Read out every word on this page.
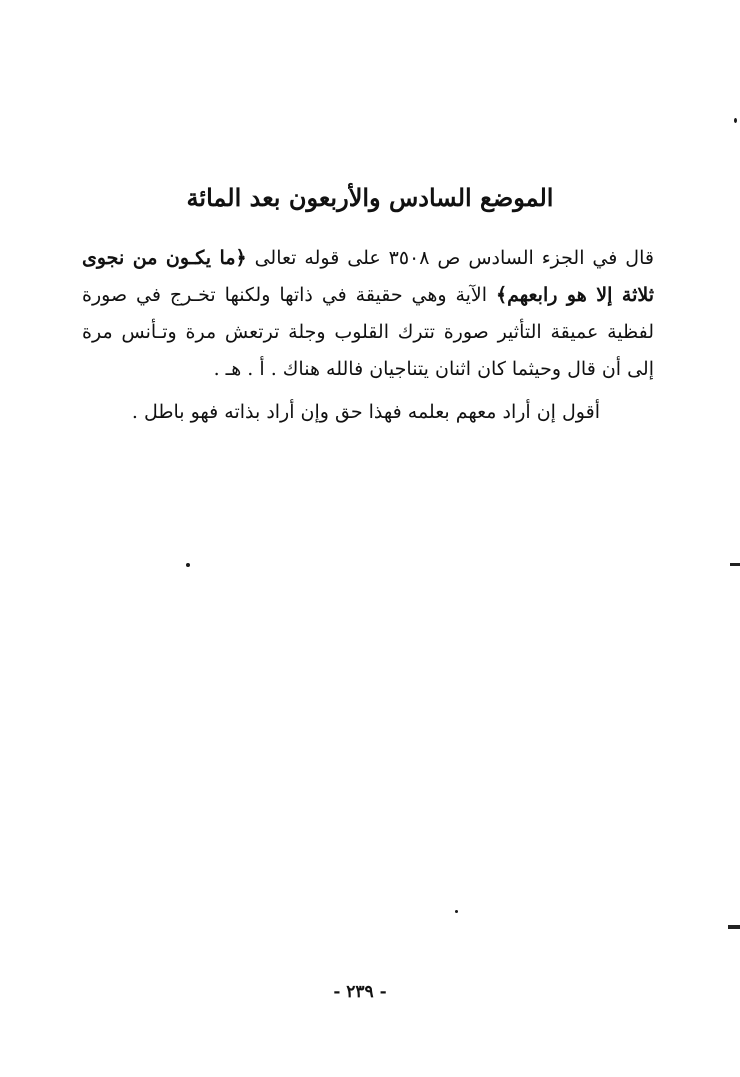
الموضع السادس والأربعون بعد المائة
قال في الجزء السادس ص ٣٥٠٨ على قوله تعالى ﴿ما يكـون من نجوى ثلاثة إلا هو رابعهم﴾ الآية وهي حقيقة في ذاتها ولكنها تخـرج في صورة لفظية عميقة التأثير صورة تترك القلوب وجلة ترتعش مرة وتـأنس مرة إلى أن قال وحيثما كان اثنان يتناجيان فالله هناك . أ . هـ .
أقول إن أراد معهم بعلمه فهذا حق وإن أراد بذاته فهو باطل .
- ٢٣٩ -
